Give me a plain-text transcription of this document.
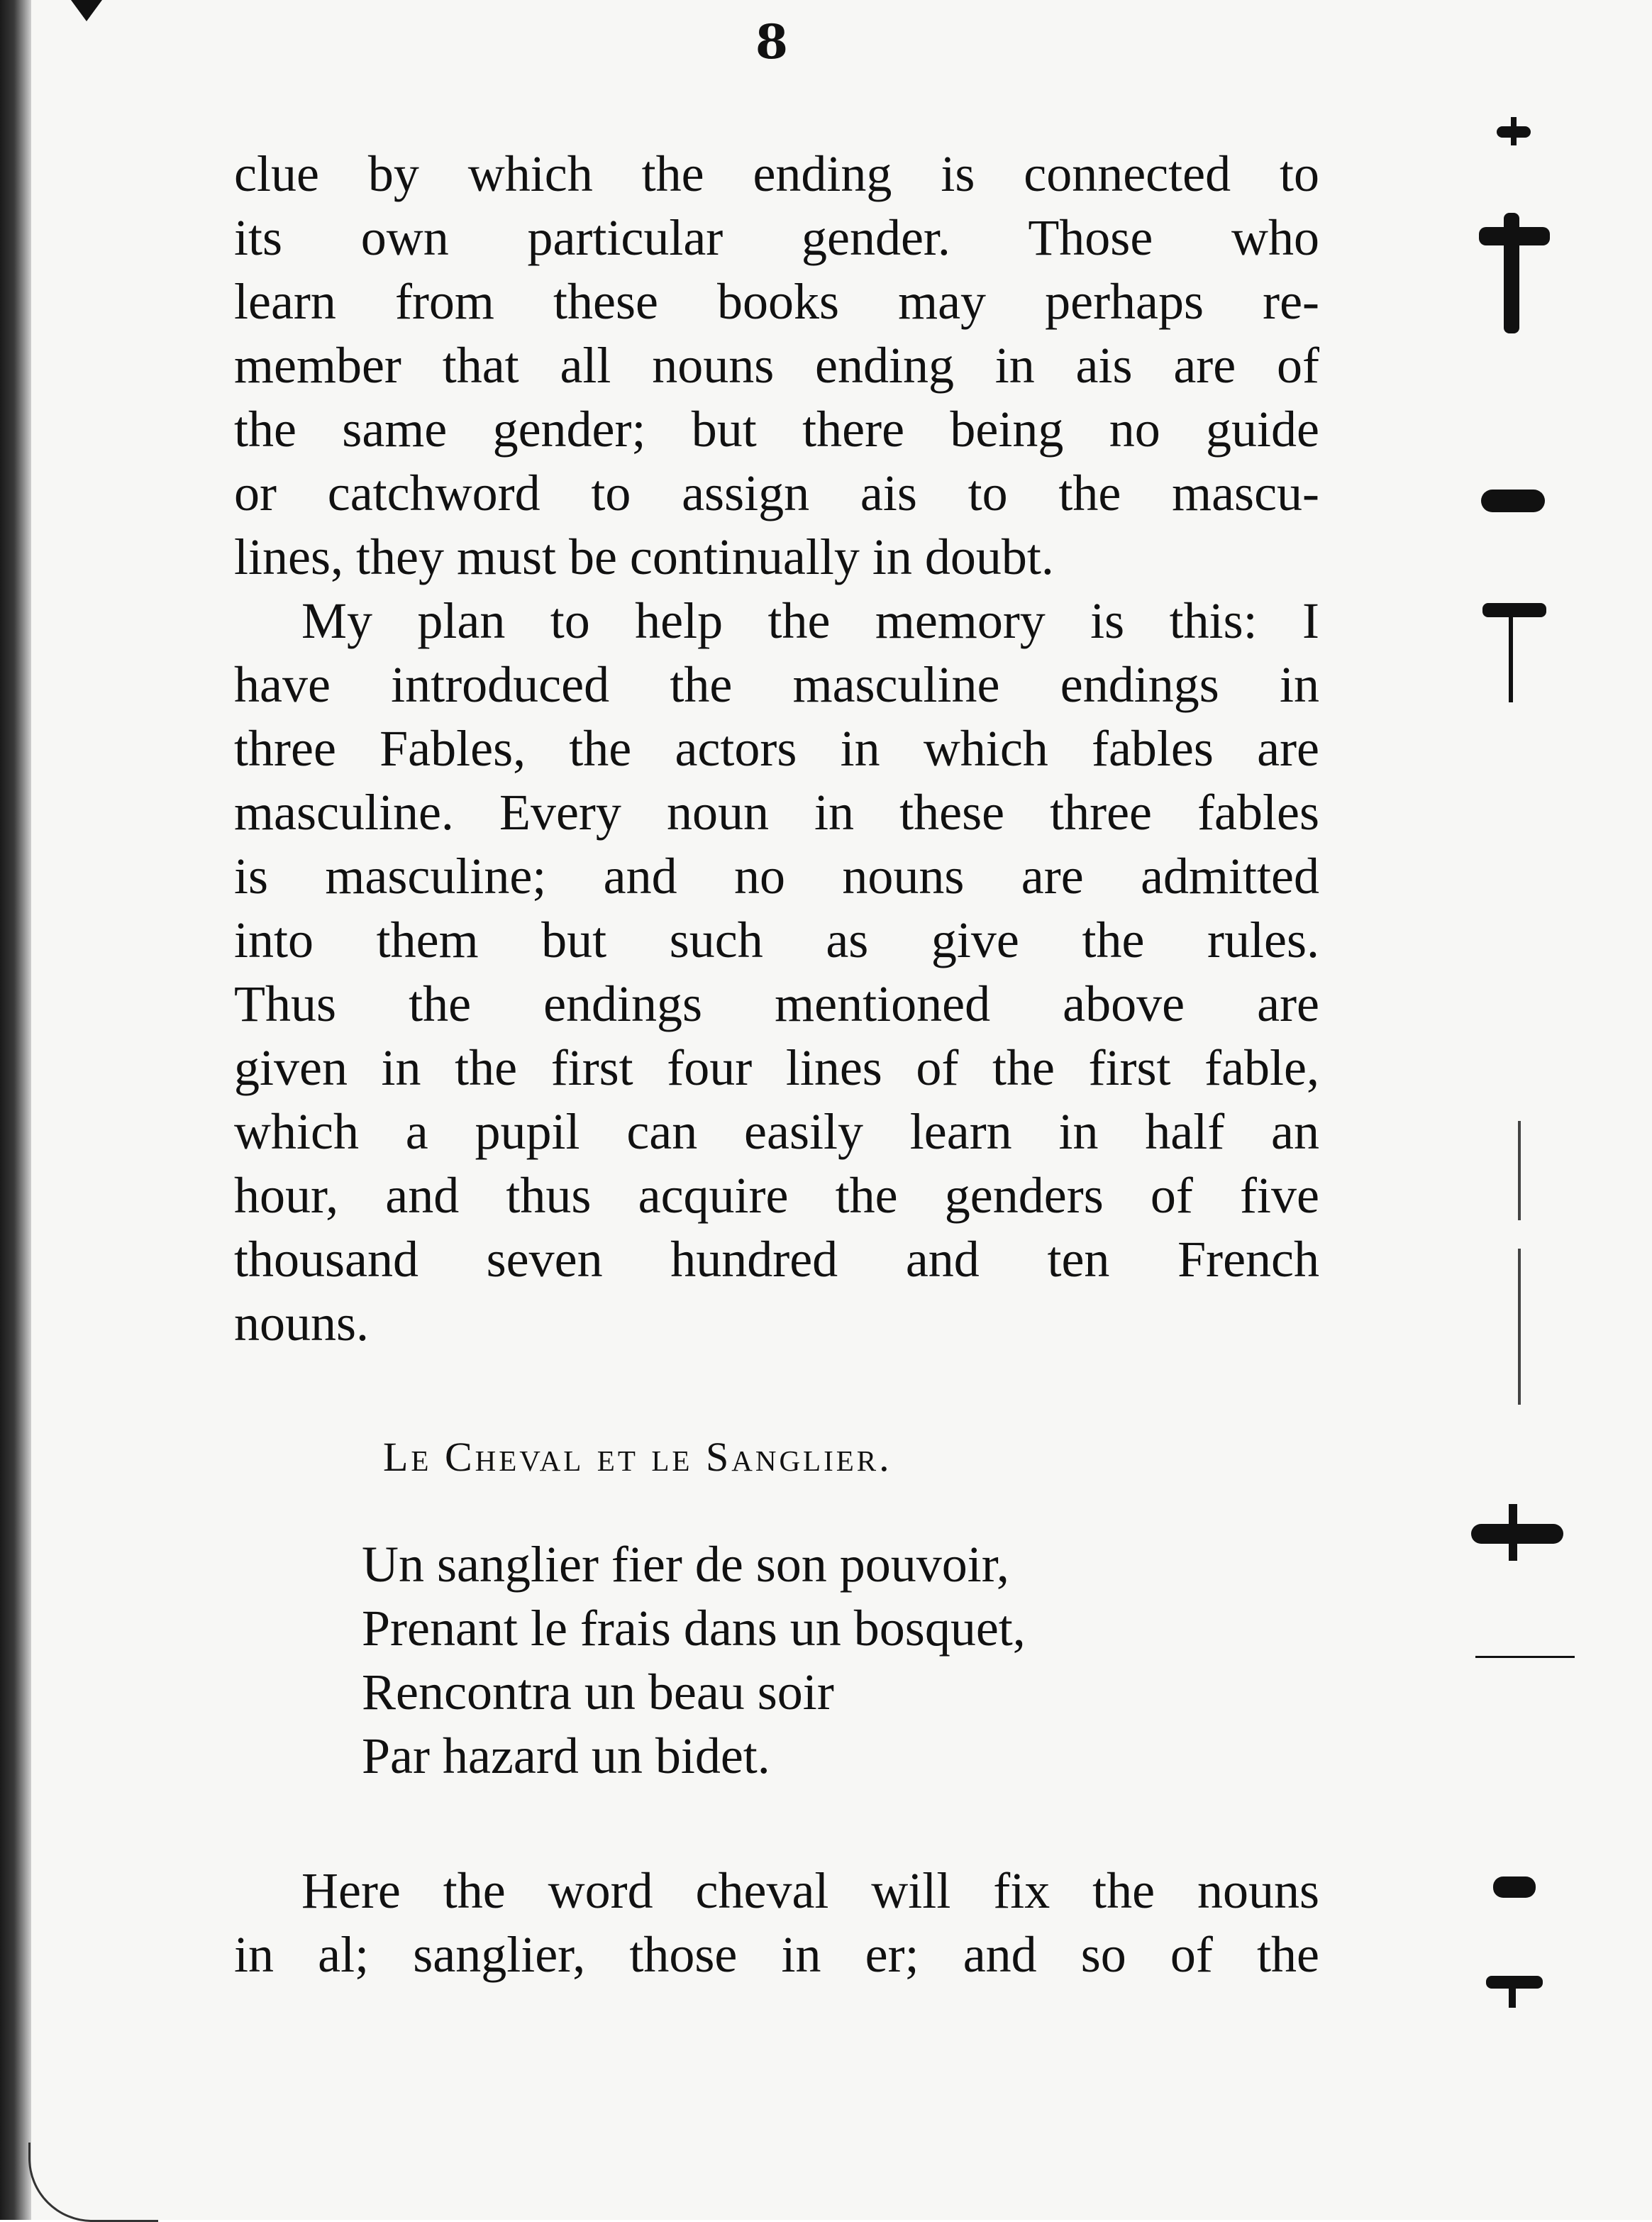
8
clue by which the ending is connected to
its own particular gender. Those who
learn from these books may perhaps re-
member that all nouns ending in ais are of
the same gender; but there being no guide
or catchword to assign ais to the mascu-
lines, they must be continually in doubt.
My plan to help the memory is this: I
have introduced the masculine endings in
three Fables, the actors in which fables are
masculine. Every noun in these three fables
is masculine; and no nouns are admitted
into them but such as give the rules.
Thus the endings mentioned above are
given in the first four lines of the first fable,
which a pupil can easily learn in half an
hour, and thus acquire the genders of five
thousand seven hundred and ten French
nouns.
Le Cheval et le Sanglier.
Un sanglier fier de son pouvoir,
Prenant le frais dans un bosquet,
Rencontra un beau soir
Par hazard un bidet.
Here the word cheval will fix the nouns
in al; sanglier, those in er; and so of the
